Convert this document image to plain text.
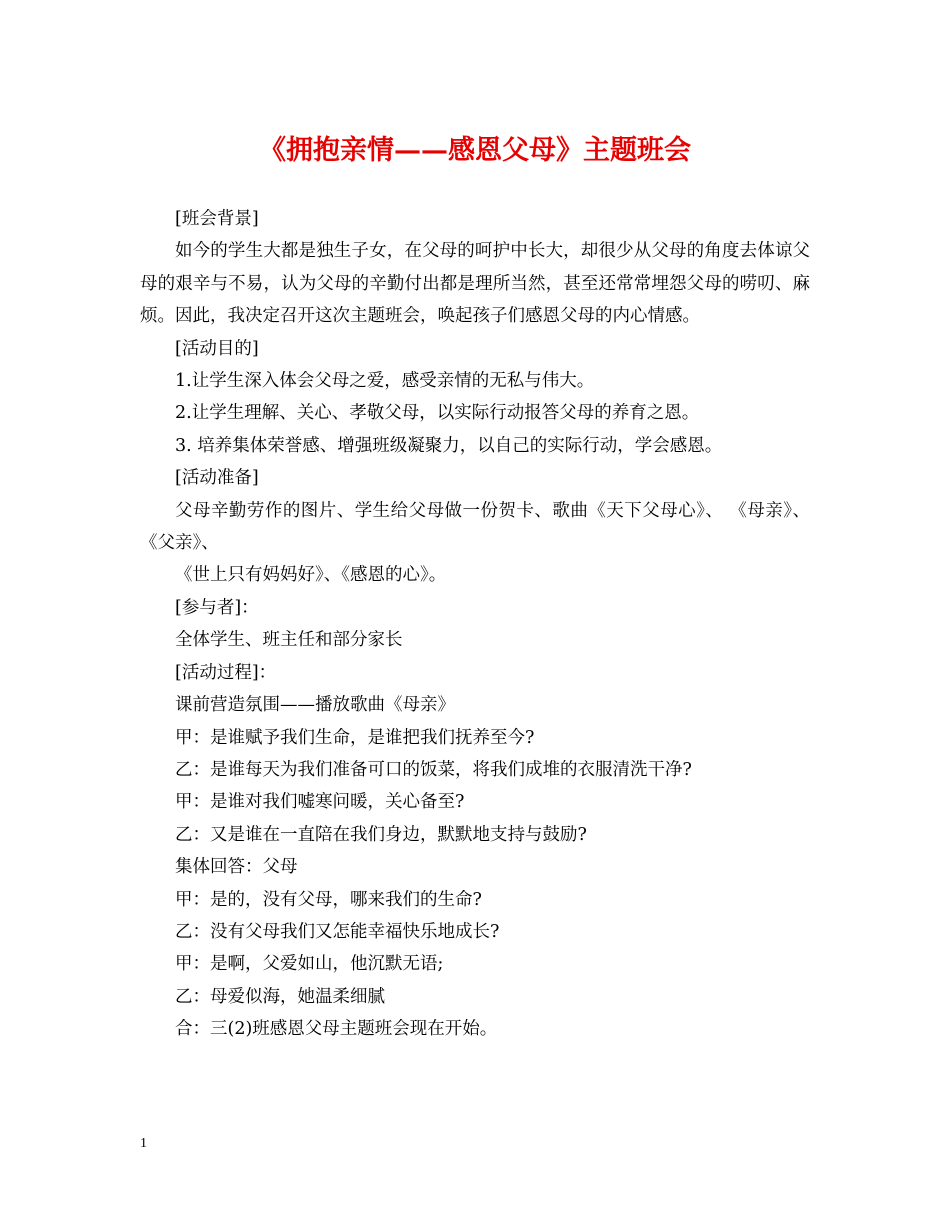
《拥抱亲情——感恩父母》主题班会

[班会背景]

如今的学生大都是独生子女，在父母的呵护中长大，却很少从父母的角度去体谅父母的艰辛与不易，认为父母的辛勤付出都是理所当然，甚至还常常埋怨父母的唠叨、麻烦。因此，我决定召开这次主题班会，唤起孩子们感恩父母的内心情感。

[活动目的]

1.让学生深入体会父母之爱，感受亲情的无私与伟大。

2.让学生理解、关心、孝敬父母，以实际行动报答父母的养育之恩。

3. 培养集体荣誉感、增强班级凝聚力，以自己的实际行动，学会感恩。

[活动准备]

父母辛勤劳作的图片、学生给父母做一份贺卡、歌曲《天下父母心》、 《母亲》、《父亲》、

《世上只有妈妈好》、《感恩的心》。

[参与者]：

全体学生、班主任和部分家长

[活动过程]：

课前营造氛围——播放歌曲《母亲》

甲：是谁赋予我们生命，是谁把我们抚养至今?

乙：是谁每天为我们准备可口的饭菜，将我们成堆的衣服清洗干净?

甲：是谁对我们嘘寒问暖，关心备至?

乙：又是谁在一直陪在我们身边，默默地支持与鼓励?

集体回答：父母

甲：是的，没有父母，哪来我们的生命?

乙：没有父母我们又怎能幸福快乐地成长?

甲：是啊，父爱如山，他沉默无语;

乙：母爱似海，她温柔细腻

合：三(2)班感恩父母主题班会现在开始。

1
